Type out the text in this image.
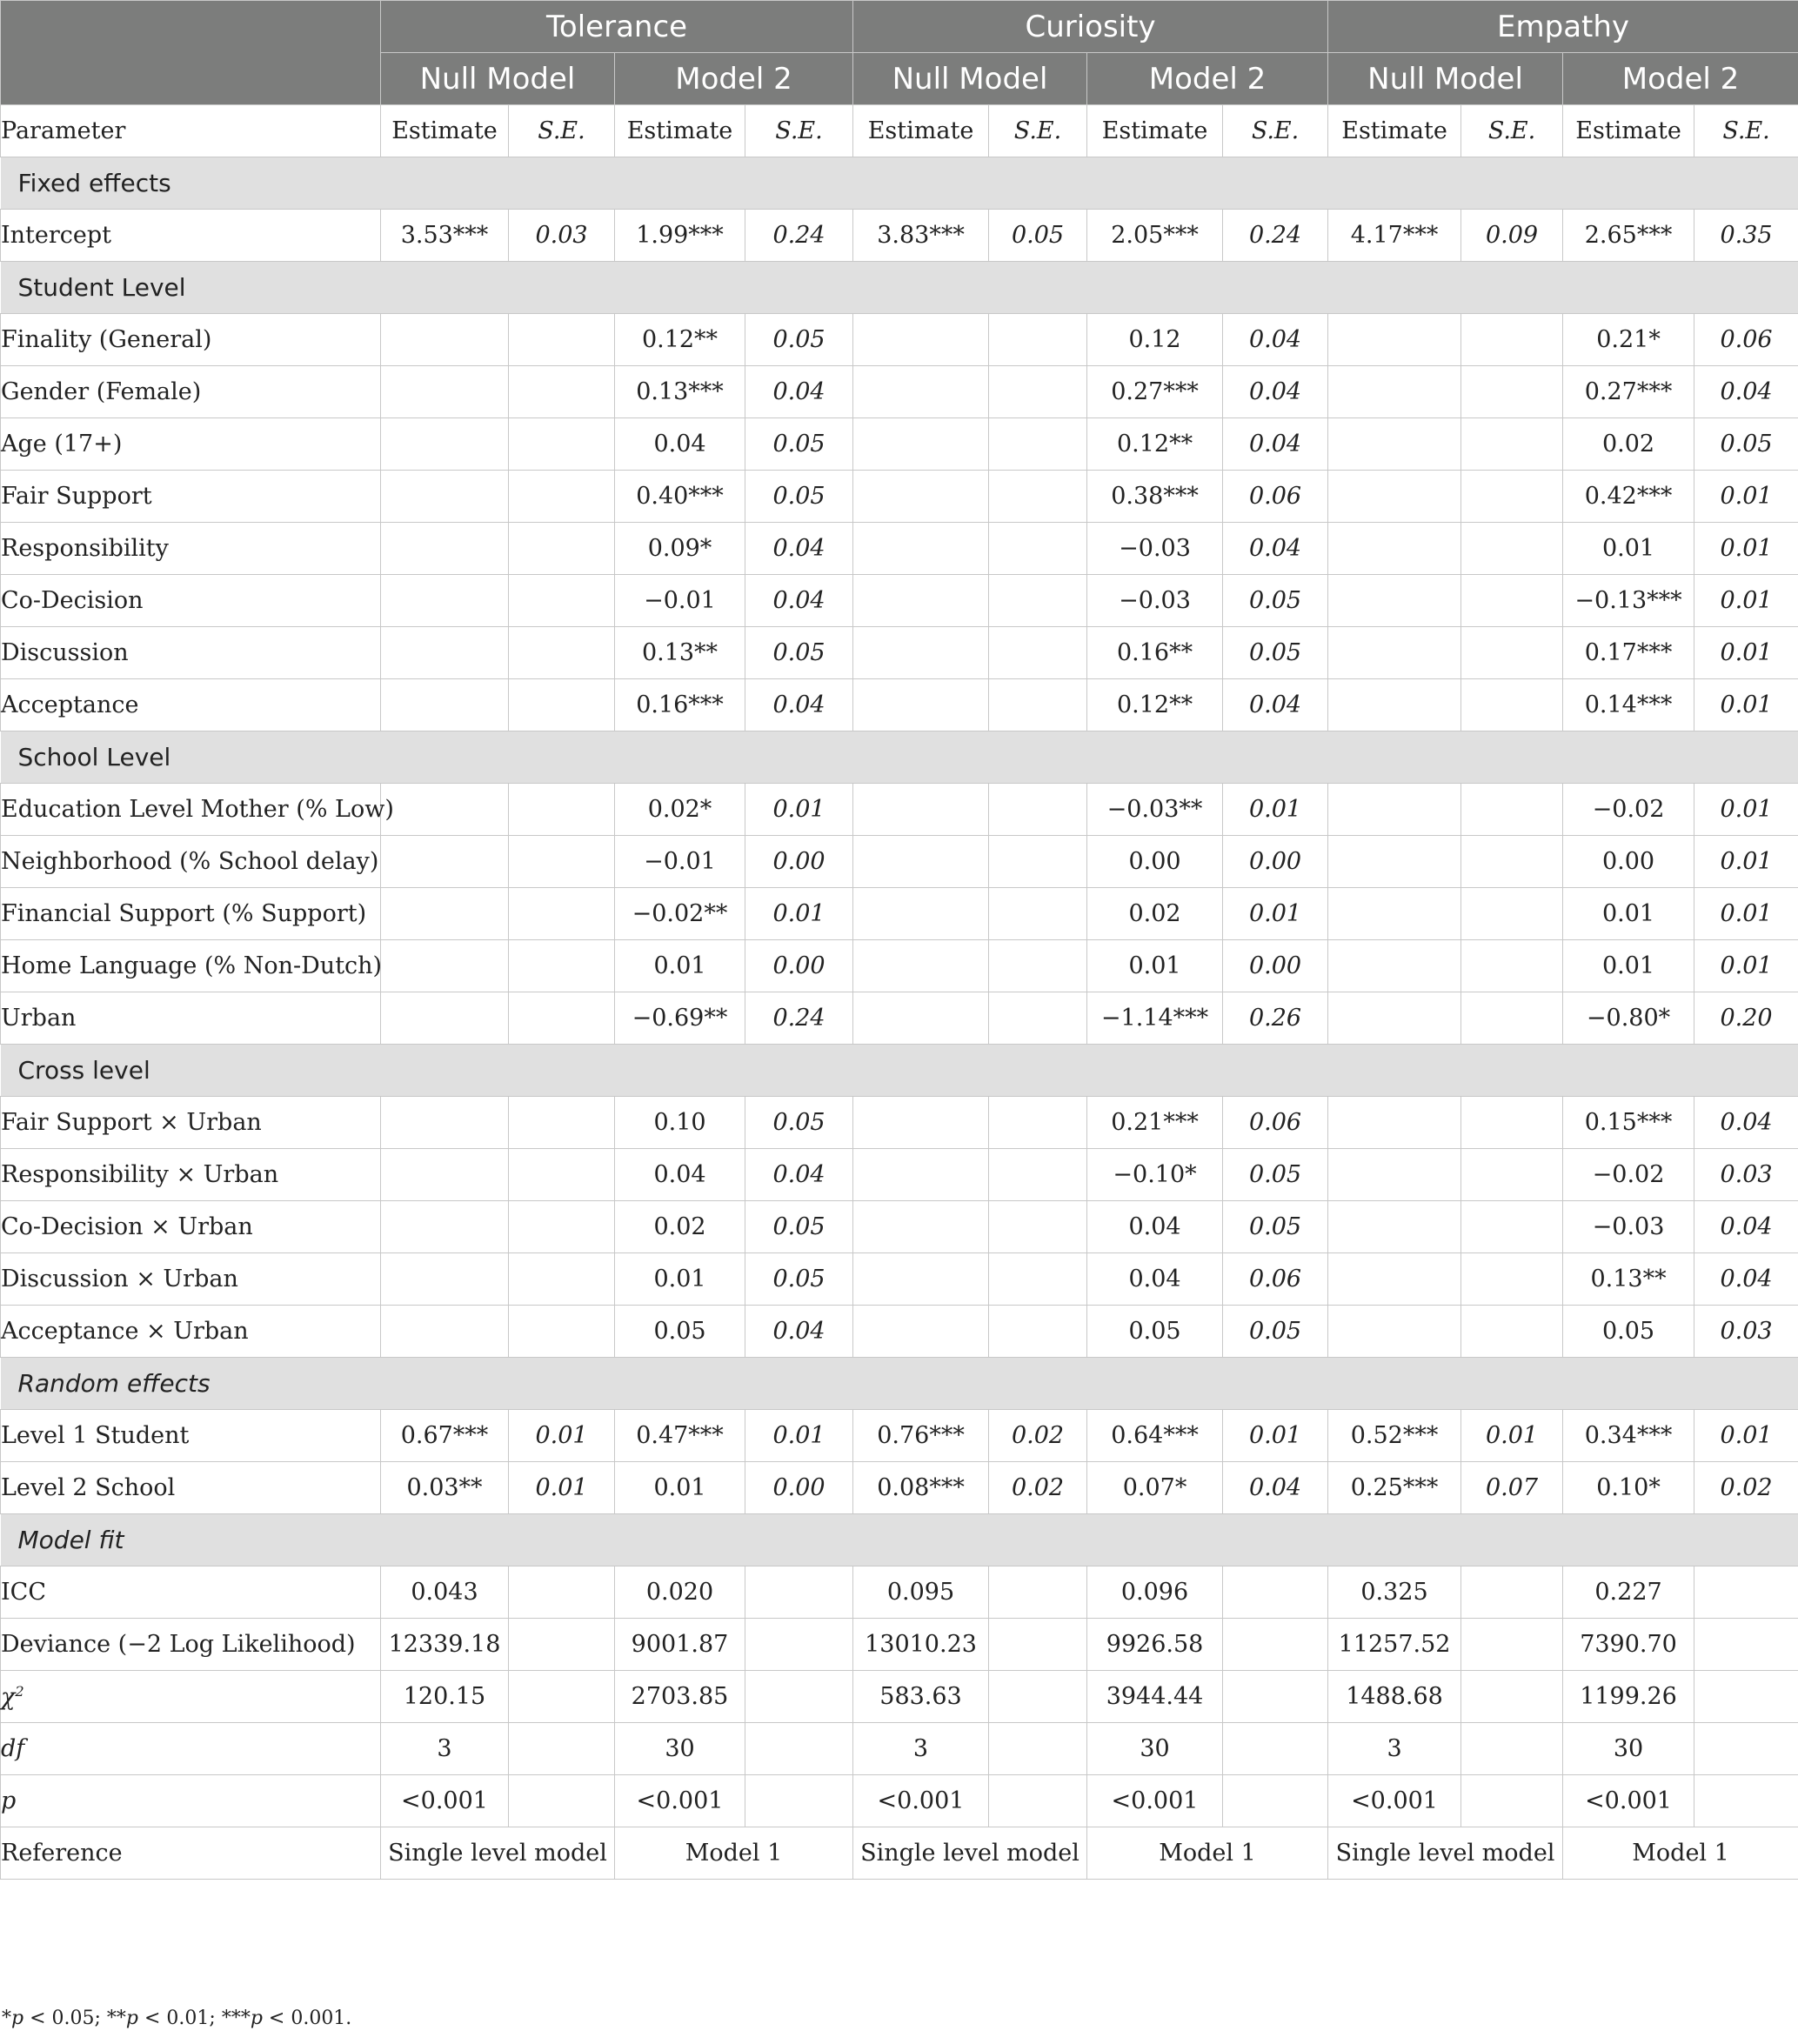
	Tolerance				Curiosity				Empathy			
	Null Model		Model 2		Null Model		Model 2		Null Model		Model 2	
Parameter	Estimate	S.E.	Estimate	S.E.	Estimate	S.E.	Estimate	S.E.	Estimate	S.E.	Estimate	S.E.
Fixed effects												
Intercept	3.53***	0.03	1.99***	0.24	3.83***	0.05	2.05***	0.24	4.17***	0.09	2.65***	0.35
Student Level												
Finality (General)			0.12**	0.05			0.12	0.04			0.21*	0.06
Gender (Female)			0.13***	0.04			0.27***	0.04			0.27***	0.04
Age (17+)			0.04	0.05			0.12**	0.04			0.02	0.05
Fair Support			0.40***	0.05			0.38***	0.06			0.42***	0.01
Responsibility			0.09*	0.04			−0.03	0.04			0.01	0.01
Co-Decision			−0.01	0.04			−0.03	0.05			−0.13***	0.01
Discussion			0.13**	0.05			0.16**	0.05			0.17***	0.01
Acceptance			0.16***	0.04			0.12**	0.04			0.14***	0.01
School Level												
Education Level Mother (% Low)			0.02*	0.01			−0.03**	0.01			−0.02	0.01
Neighborhood (% School delay)			−0.01	0.00			0.00	0.00			0.00	0.01
Financial Support (% Support)			−0.02**	0.01			0.02	0.01			0.01	0.01
Home Language (% Non-Dutch)			0.01	0.00			0.01	0.00			0.01	0.01
Urban			−0.69**	0.24			−1.14***	0.26			−0.80*	0.20
Cross level												
Fair Support × Urban			0.10	0.05			0.21***	0.06			0.15***	0.04
Responsibility × Urban			0.04	0.04			−0.10*	0.05			−0.02	0.03
Co-Decision × Urban			0.02	0.05			0.04	0.05			−0.03	0.04
Discussion × Urban			0.01	0.05			0.04	0.06			0.13**	0.04
Acceptance × Urban			0.05	0.04			0.05	0.05			0.05	0.03
Random effects												
Level 1 Student	0.67***	0.01	0.47***	0.01	0.76***	0.02	0.64***	0.01	0.52***	0.01	0.34***	0.01
Level 2 School	0.03**	0.01	0.01	0.00	0.08***	0.02	0.07*	0.04	0.25***	0.07	0.10*	0.02
Model fit												
ICC	0.043		0.020		0.095		0.096		0.325		0.227	
Deviance (−2 Log Likelihood)	12339.18		9001.87		13010.23		9926.58		11257.52		7390.70	
$\chi^2$	120.15		2703.85		583.63		3944.44		1488.68		1199.26	
df	3		30		3		30		3		30	
p	<0.001		<0.001		<0.001		<0.001		<0.001		<0.001	
Reference	Single level model		Model 1		Single level model		Model 1		Single level model		Model 1	
*p < 0.05; **p < 0.01; ***p < 0.001.
